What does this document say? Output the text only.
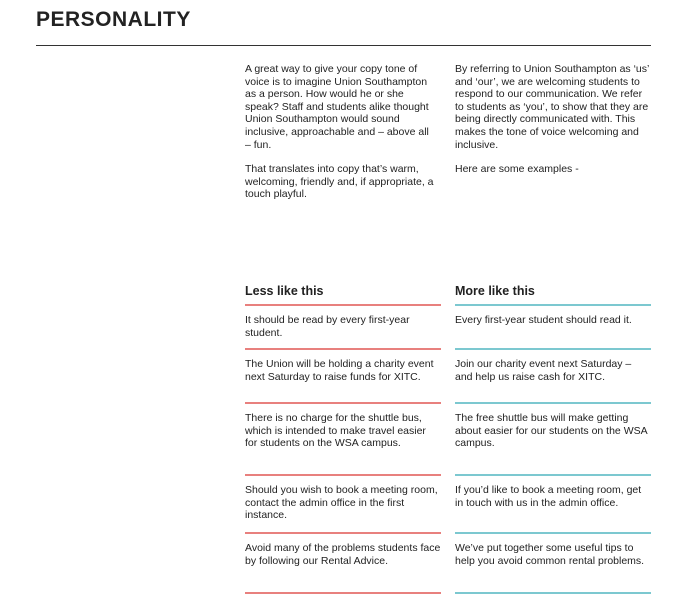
PERSONALITY

A great way to give your copy tone of voice is to imagine Union Southampton as a person. How would he or she speak? Staff and students alike thought Union Southampton would sound inclusive, approachable and – above all – fun.

That translates into copy that’s warm, welcoming, friendly and, if appropriate, a touch playful.

By referring to Union Southampton as ‘us’ and ‘our’, we are welcoming students to respond to our communication. We refer to students as ‘you’, to show that they are being directly communicated with. This makes the tone of voice welcoming and inclusive.

Here are some examples -

Less like this
It should be read by every first-year student.
The Union will be holding a charity event next Saturday to raise funds for XITC.
There is no charge for the shuttle bus, which is intended to make travel easier for students on the WSA campus.
Should you wish to book a meeting room, contact the admin office in the first instance.
Avoid many of the problems students face by following our Rental Advice.
More like this
Every first-year student should read it.
Join our charity event next Saturday – and help us raise cash for XITC.
The free shuttle bus will make getting about easier for our students on the WSA campus.
If you’d like to book a meeting room, get in touch with us in the admin office.
We’ve put together some useful tips to help you avoid common rental problems.
